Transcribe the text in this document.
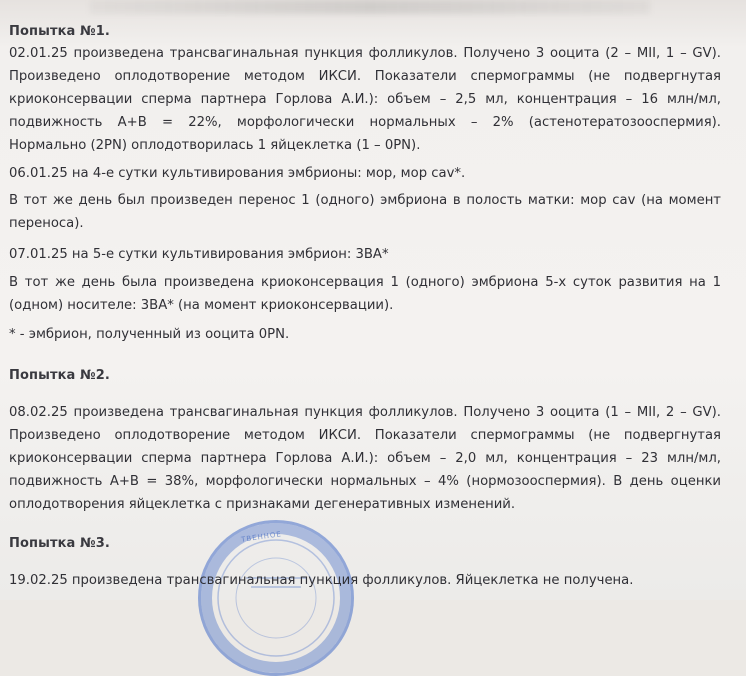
Попытка №1.
02.01.25 произведена трансвагинальная пункция фолликулов. Получено 3 ооцита (2 – MII, 1 – GV).
Произведено оплодотворение методом ИКСИ. Показатели спермограммы (не подвергнутая
криоконсервации сперма партнера Горлова А.И.): объем – 2,5 мл, концентрация – 16 млн/мл,
подвижность А+В = 22%, морфологически нормальных – 2% (астенотератозооспермия).
Нормально (2PN) оплодотворилась 1 яйцеклетка (1 – 0PN).
06.01.25 на 4-е сутки культивирования эмбрионы: мор, мор cav*.
В тот же день был произведен перенос 1 (одного) эмбриона в полость матки: мор cav (на момент
переноса).
07.01.25 на 5-е сутки культивирования эмбрион: 3ВА*
В тот же день была произведена криоконсервация 1 (одного) эмбриона 5-х суток развития на 1
(одном) носителе: 3ВА* (на момент криоконсервации).
* - эмбрион, полученный из ооцита 0PN.
Попытка №2.
08.02.25 произведена трансвагинальная пункция фолликулов. Получено 3 ооцита (1 – MII, 2 – GV).
Произведено оплодотворение методом ИКСИ. Показатели спермограммы (не подвергнутая
криоконсервации сперма партнера Горлова А.И.): объем – 2,0 мл, концентрация – 23 млн/мл,
подвижность А+В = 38%, морфологически нормальных – 4% (нормозооспермия). В день оценки
оплодотворения яйцеклетка с признаками дегенеративных изменений.
ТВЕННОЕ
Попытка №3.
19.02.25 произведена трансвагинальная пункция фолликулов. Яйцеклетка не получена.
